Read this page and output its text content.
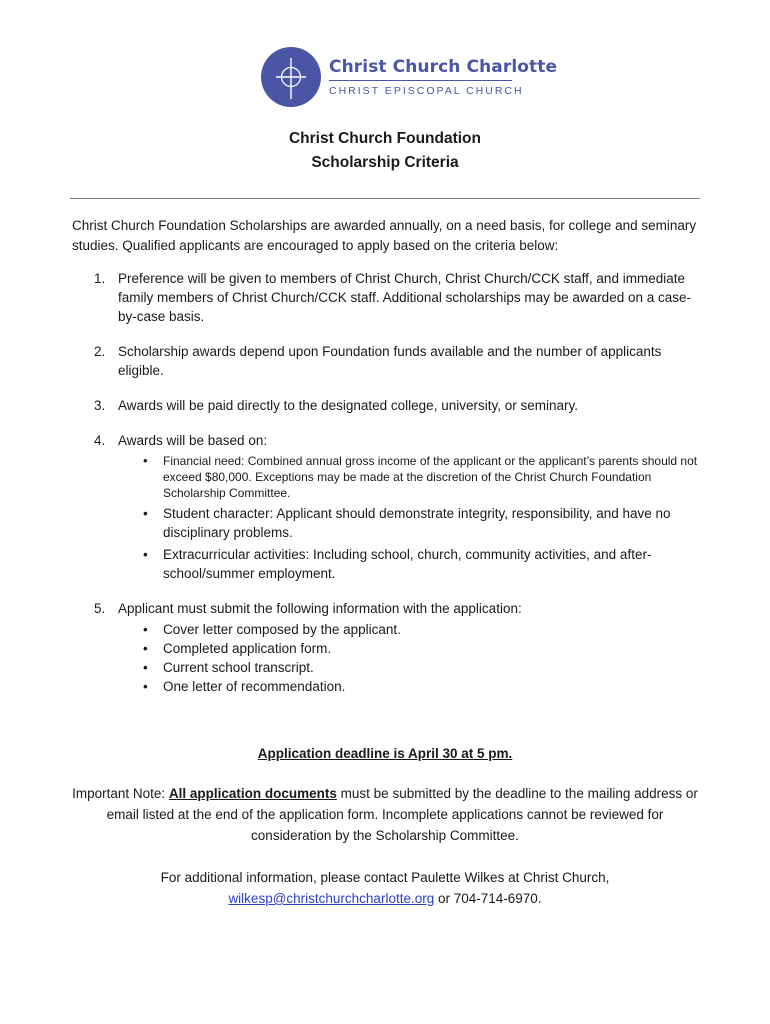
Christ Church Charlotte
CHRIST EPISCOPAL CHURCH
Christ Church Foundation
Scholarship Criteria

Christ Church Foundation Scholarships are awarded annually, on a need basis, for college and seminary studies. Qualified applicants are encouraged to apply based on the criteria below:

1. Preference will be given to members of Christ Church, Christ Church/CCK staff, and immediate family members of Christ Church/CCK staff. Additional scholarships may be awarded on a case-by-case basis.
2. Scholarship awards depend upon Foundation funds available and the number of applicants eligible.
3. Awards will be paid directly to the designated college, university, or seminary.
4. Awards will be based on:
• Financial need: Combined annual gross income of the applicant or the applicant’s parents should not exceed $80,000. Exceptions may be made at the discretion of the Christ Church Foundation Scholarship Committee.
• Student character: Applicant should demonstrate integrity, responsibility, and have no disciplinary problems.
• Extracurricular activities: Including school, church, community activities, and after-school/summer employment.
5. Applicant must submit the following information with the application:
• Cover letter composed by the applicant.
• Completed application form.
• Current school transcript.
• One letter of recommendation.
Application deadline is April 30 at 5 pm.
Important Note: All application documents must be submitted by the deadline to the mailing address or email listed at the end of the application form. Incomplete applications cannot be reviewed for consideration by the Scholarship Committee.
For additional information, please contact Paulette Wilkes at Christ Church,
wilkesp@christchurchcharlotte.org or 704-714-6970.
